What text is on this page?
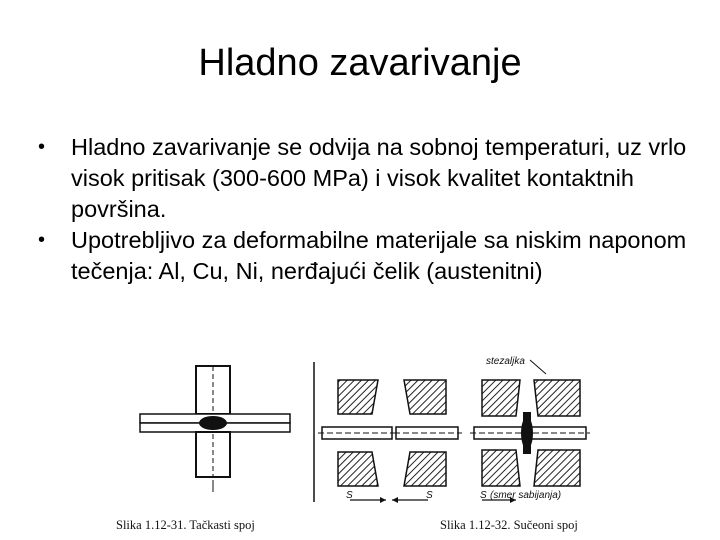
Hladno zavarivanje
• Hladno zavarivanje se odvija na sobnoj temperaturi, uz vrlo visok pritisak (300-600 MPa) i visok kvalitet kontaktnih površina.
• Upotrebljivo za deformabilne materijale sa niskim naponom tečenja: Al, Cu, Ni, nerđajući čelik (austenitni)
stezaljka
S	S	S (smer sabijanja)
Slika 1.12-31. Tačkasti spoj	Slika 1.12-32. Sučeoni spoj
